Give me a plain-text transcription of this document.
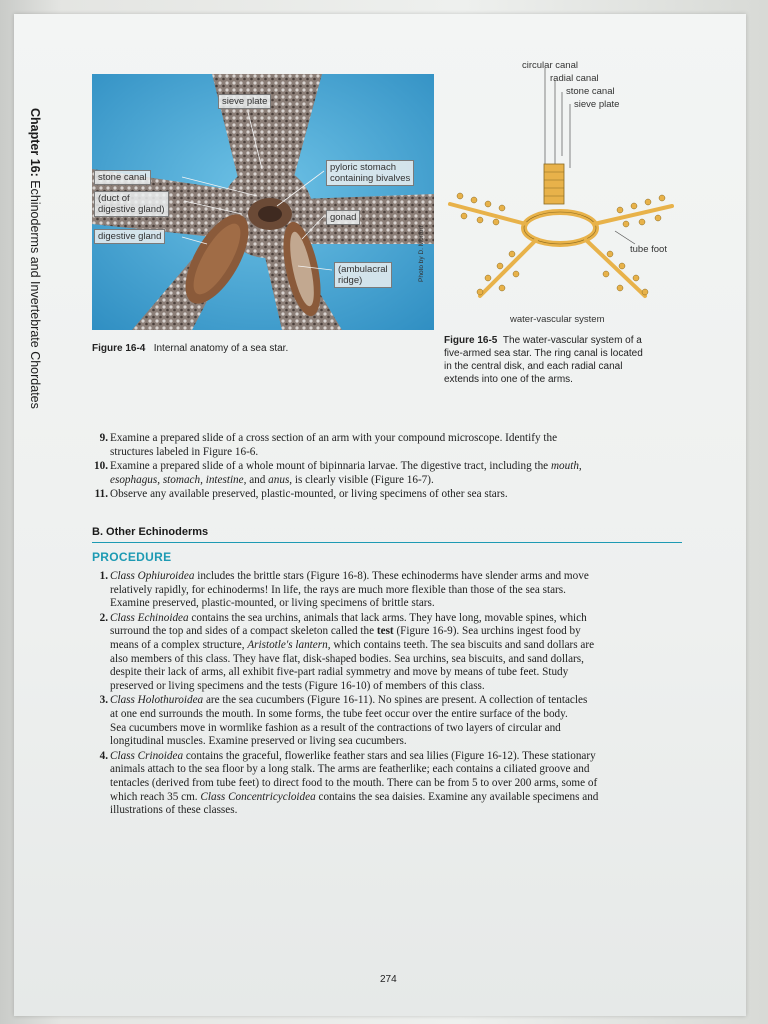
Chapter 16: Echinoderms and Invertebrate Chordates
sieve plate
stone canal
(duct of
digestive gland)
digestive gland
pyloric stomach
containing bivalves
gonad
(ambulacral
ridge)	Photo by D. Morton
circular canal
radial canal
stone canal
sieve plate
tube foot
water-vascular system
Figure 16-4 Internal anatomy of a sea star.
Figure 16-5 The water-vascular system of a
five-armed sea star. The ring canal is located
in the central disk, and each radial canal
extends into one of the arms.
9. Examine a prepared slide of a cross section of an arm with your compound microscope. Identify the
structures labeled in Figure 16-6.
10. Examine a prepared slide of a whole mount of bipinnaria larvae. The digestive tract, including the mouth,
esophagus, stomach, intestine, and anus, is clearly visible (Figure 16-7).
11. Observe any available preserved, plastic-mounted, or living specimens of other sea stars.
B. Other Echinoderms
PROCEDURE
1. Class Ophiuroidea includes the brittle stars (Figure 16-8). These echinoderms have slender arms and move
relatively rapidly, for echinoderms! In life, the rays are much more flexible than those of the sea stars.
Examine preserved, plastic-mounted, or living specimens of brittle stars.
2. Class Echinoidea contains the sea urchins, animals that lack arms. They have long, movable spines, which
surround the top and sides of a compact skeleton called the test (Figure 16-9). Sea urchins ingest food by
means of a complex structure, Aristotle's lantern, which contains teeth. The sea biscuits and sand dollars are
also members of this class. They have flat, disk-shaped bodies. Sea urchins, sea biscuits, and sand dollars,
despite their lack of arms, all exhibit five-part radial symmetry and move by means of tube feet. Study
preserved or living specimens and the tests (Figure 16-10) of members of this class.
3. Class Holothuroidea are the sea cucumbers (Figure 16-11). No spines are present. A collection of tentacles
at one end surrounds the mouth. In some forms, the tube feet occur over the entire surface of the body.
Sea cucumbers move in wormlike fashion as a result of the contractions of two layers of circular and
longitudinal muscles. Examine preserved or living sea cucumbers.
4. Class Crinoidea contains the graceful, flowerlike feather stars and sea lilies (Figure 16-12). These stationary
animals attach to the sea floor by a long stalk. The arms are featherlike; each contains a ciliated groove and
tentacles (derived from tube feet) to direct food to the mouth. There can be from 5 to over 200 arms, some of
which reach 35 cm. Class Concentricycloidea contains the sea daisies. Examine any available specimens and
illustrations of these classes.
274
